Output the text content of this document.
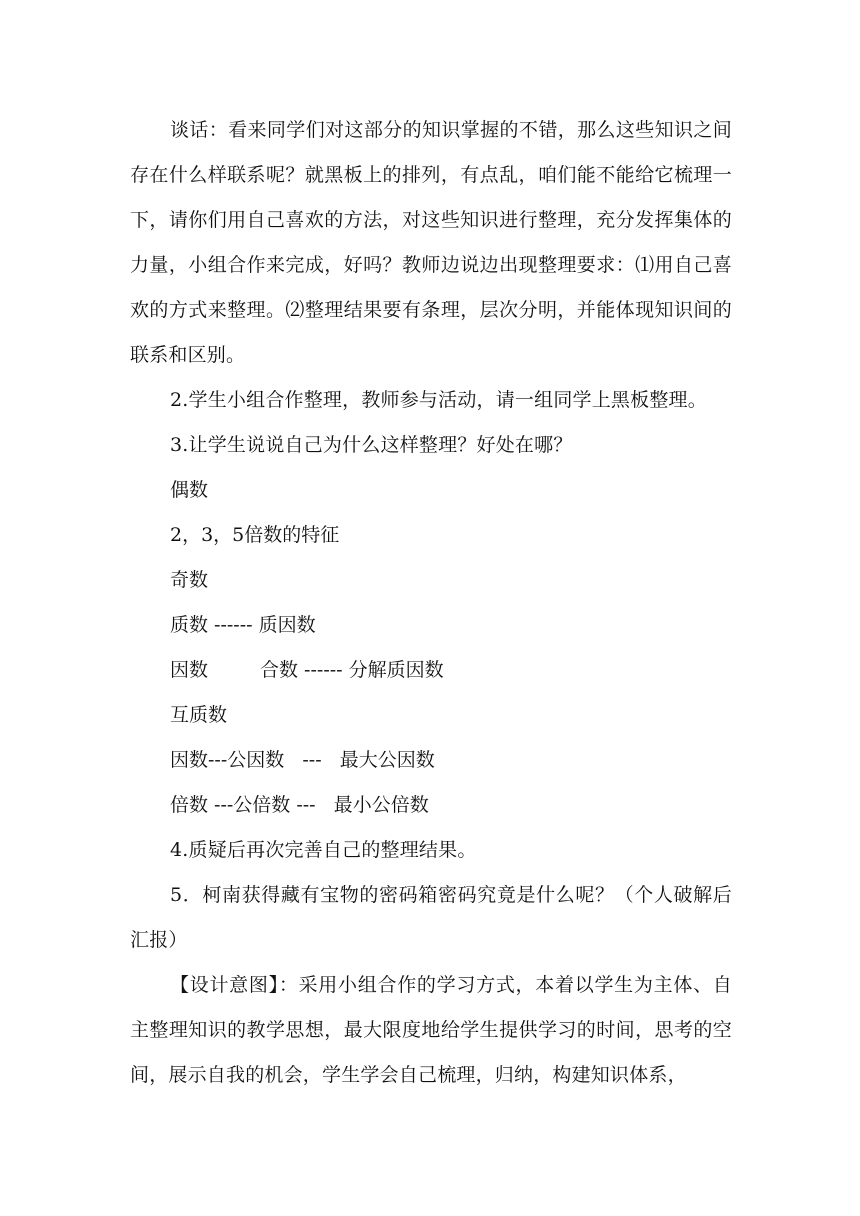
谈话：看来同学们对这部分的知识掌握的不错，那么这些知识之间存在什么样联系呢？就黑板上的排列，有点乱，咱们能不能给它梳理一下，请你们用自己喜欢的方法，对这些知识进行整理，充分发挥集体的力量，小组合作来完成，好吗？教师边说边出现整理要求：⑴用自己喜欢的方式来整理。⑵整理结果要有条理，层次分明，并能体现知识间的联系和区别。

2.学生小组合作整理，教师参与活动，请一组同学上黑板整理。

3.让学生说说自己为什么这样整理？好处在哪？

偶数

2，3，5倍数的特征

奇数

质数 ------ 质因数

因数	合数 ------ 分解质因数

互质数

因数---公因数   ---   最大公因数

倍数 ---公倍数 ---   最小公倍数

4.质疑后再次完善自己的整理结果。

5．柯南获得藏有宝物的密码箱密码究竟是什么呢？（个人破解后汇报）

【设计意图】：采用小组合作的学习方式，本着以学生为主体、自主整理知识的教学思想，最大限度地给学生提供学习的时间，思考的空间，展示自我的机会，学生学会自己梳理，归纳，构建知识体系，
